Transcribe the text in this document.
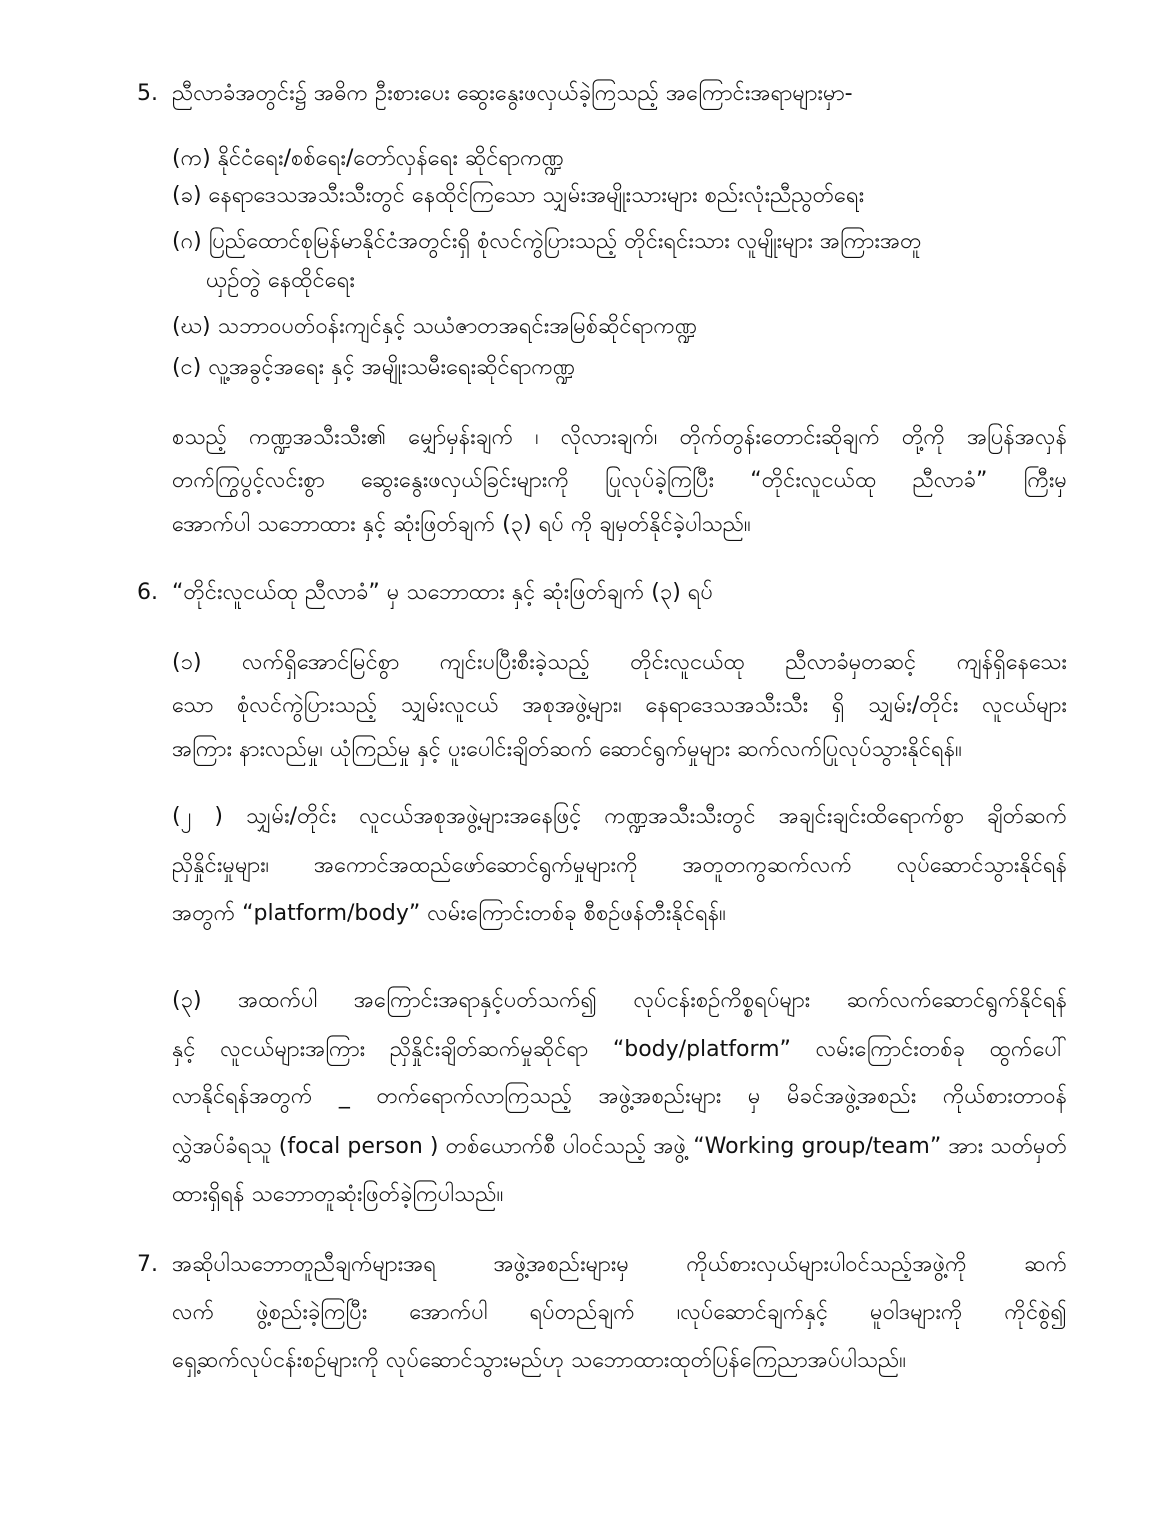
5. ညီလာခံအတွင်း၌ အဓိက ဦးစားပေး ဆွေးနွေးဖလှယ်ခဲ့ကြသည့် အကြောင်းအရာများမှာ-
(က) နိုင်ငံရေး/စစ်ရေး/တော်လှန်ရေး ဆိုင်ရာကဏ္ဍ
(ခ) နေရာဒေသအသီးသီးတွင် နေထိုင်ကြသော သျှမ်းအမျိုးသားများ စည်းလုံးညီညွတ်ရေး
(ဂ) ပြည်ထောင်စုမြန်မာနိုင်ငံအတွင်းရှိ စုံလင်ကွဲပြားသည့် တိုင်းရင်းသား လူမျိုးများ အကြားအတူ
ယှဉ်တွဲ နေထိုင်ရေး
(ဃ) သဘာဝပတ်ဝန်းကျင်နှင့် သယံဇာတအရင်းအမြစ်ဆိုင်ရာကဏ္ဍ
(င) လူ့အခွင့်အရေး နှင့် အမျိုးသမီးရေးဆိုင်ရာကဏ္ဍ
စသည့် ကဏ္ဍအသီးသီး၏ မျှော်မှန်းချက် ၊ လိုလားချက်၊ တိုက်တွန်းတောင်းဆိုချက် တို့ကို အပြန်အလှန်
တက်ကြွပွင့်လင်းစွာ ဆွေးနွေးဖလှယ်ခြင်းများကို ပြုလုပ်ခဲ့ကြပြီး “တိုင်းလူငယ်ထု ညီလာခံ” ကြီးမှ
အောက်ပါ သဘောထား နှင့် ဆုံးဖြတ်ချက် (၃) ရပ် ကို ချမှတ်နိုင်ခဲ့ပါသည်။
6. “တိုင်းလူငယ်ထု ညီလာခံ” မှ သဘောထား နှင့် ဆုံးဖြတ်ချက် (၃) ရပ်
(၁) လက်ရှိအောင်မြင်စွာ ကျင်းပပြီးစီးခဲ့သည့် တိုင်းလူငယ်ထု ညီလာခံမှတဆင့် ကျန်ရှိနေသေး
သော စုံလင်ကွဲပြားသည့် သျှမ်းလူငယ် အစုအဖွဲ့များ၊ နေရာဒေသအသီးသီး ရှိ သျှမ်း/တိုင်း လူငယ်များ
အကြား နားလည်မှု၊ ယုံကြည်မှု နှင့် ပူးပေါင်းချိတ်ဆက် ဆောင်ရွက်မှုများ ဆက်လက်ပြုလုပ်သွားနိုင်ရန်။
(၂ ) သျှမ်း/တိုင်း လူငယ်အစုအဖွဲ့များအနေဖြင့် ကဏ္ဍအသီးသီးတွင် အချင်းချင်းထိရောက်စွာ ချိတ်ဆက်
ညှိနှိုင်းမှုများ၊ အကောင်အထည်ဖော်ဆောင်ရွက်မှုများကို အတူတကွဆက်လက် လုပ်ဆောင်သွားနိုင်ရန်
အတွက် “platform/body” လမ်းကြောင်းတစ်ခု စီစဉ်ဖန်တီးနိုင်ရန်။
(၃) အထက်ပါ အကြောင်းအရာနှင့်ပတ်သက်၍ လုပ်ငန်းစဉ်ကိစ္စရပ်များ ဆက်လက်ဆောင်ရွက်နိုင်ရန်
နှင့် လူငယ်များအကြား ညှိနှိုင်းချိတ်ဆက်မှုဆိုင်ရာ “body/platform” လမ်းကြောင်းတစ်ခု ထွက်ပေါ်
လာနိုင်ရန်အတွက် _ တက်ရောက်လာကြသည့် အဖွဲ့အစည်းများ မှ မိခင်အဖွဲ့အစည်း ကိုယ်စားတာဝန်
လွှဲအပ်ခံရသူ (focal person ) တစ်ယောက်စီ ပါဝင်သည့် အဖွဲ့ “Working group/team” အား သတ်မှတ်
ထားရှိရန် သဘောတူဆုံးဖြတ်ခဲ့ကြပါသည်။
7. အဆိုပါသဘောတူညီချက်များအရ အဖွဲ့အစည်းများမှ ကိုယ်စားလှယ်များပါဝင်သည့်အဖွဲ့ကို ဆက်
လက် ဖွဲ့စည်းခဲ့ကြပြီး အောက်ပါ ရပ်တည်ချက် ၊လုပ်ဆောင်ချက်နှင့် မူဝါဒများကို ကိုင်စွဲ၍
ရှေ့ဆက်လုပ်ငန်းစဉ်များကို လုပ်ဆောင်သွားမည်ဟု သဘောထားထုတ်ပြန်ကြေညာအပ်ပါသည်။
